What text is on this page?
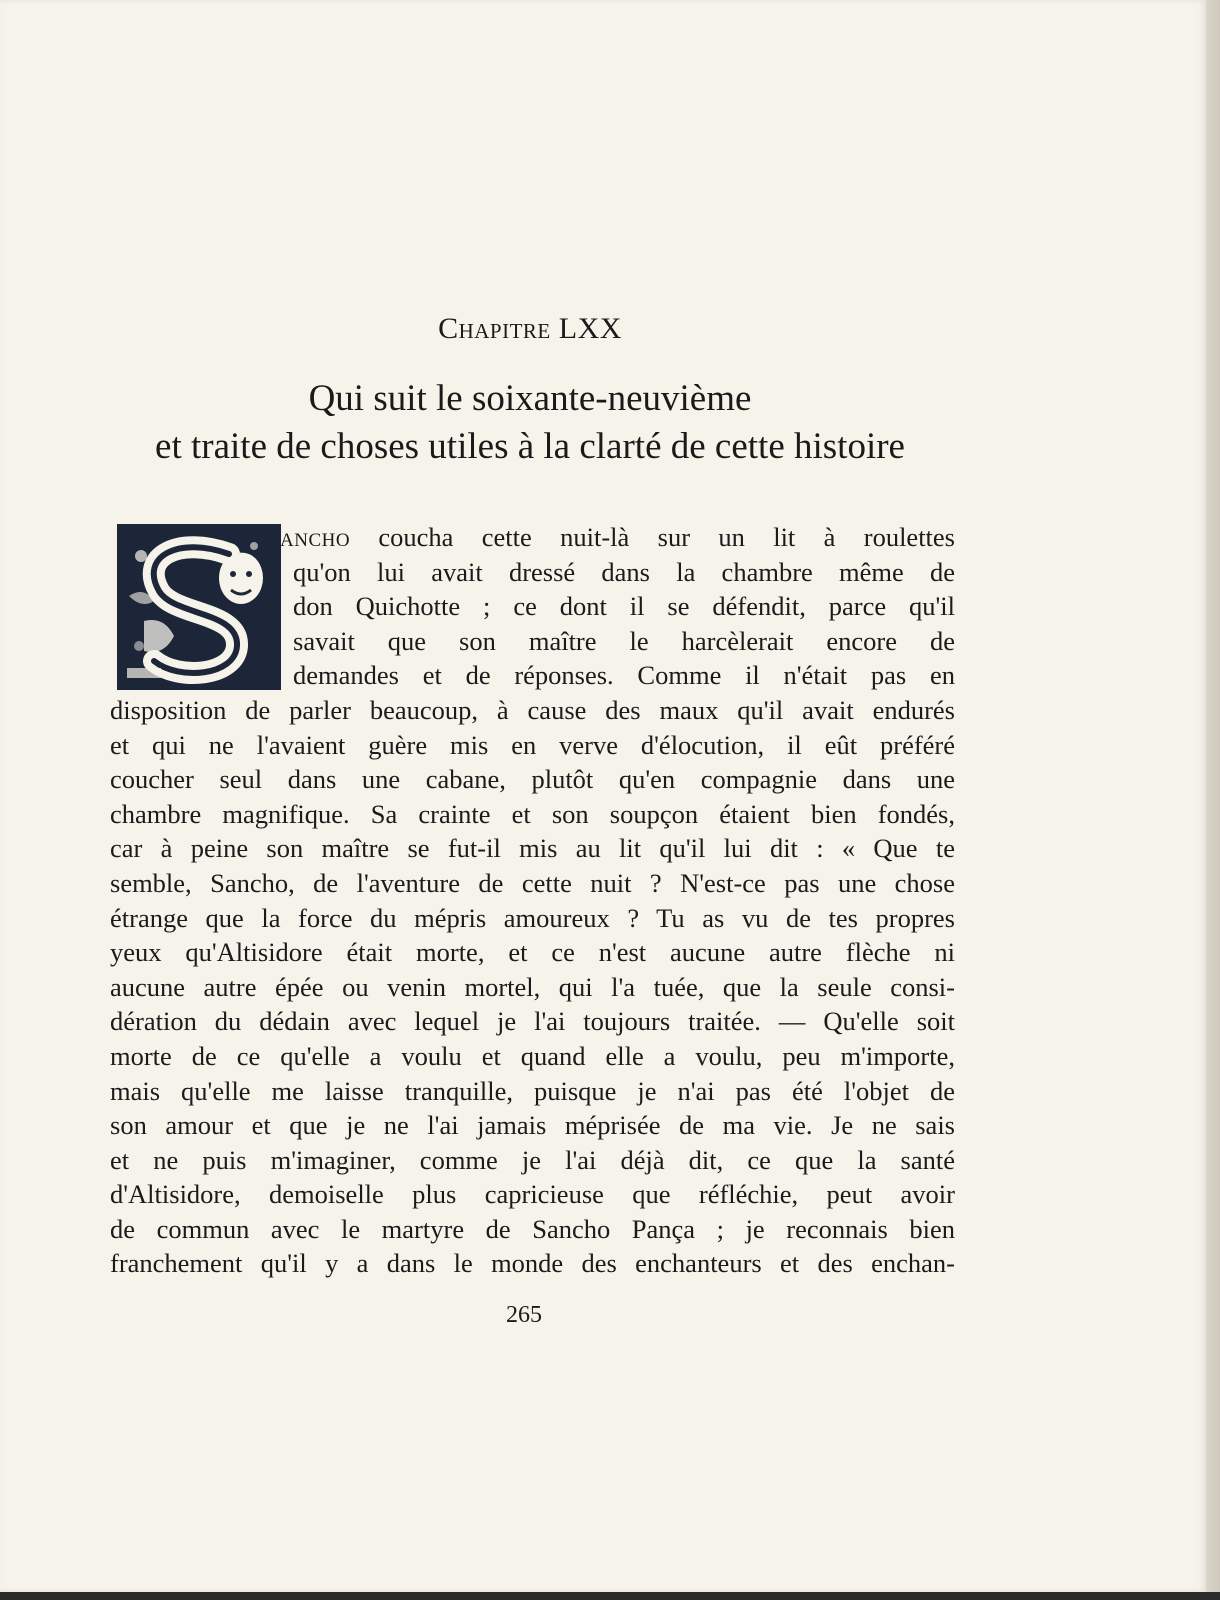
Chapitre LXX
Qui suit le soixante-neuvième
et traite de choses utiles à la clarté de cette histoire
ancho coucha cette nuit-là sur un lit à roulettes
qu'on lui avait dressé dans la chambre même de
don Quichotte ; ce dont il se défendit, parce qu'il
savait que son maître le harcèlerait encore de
demandes et de réponses. Comme il n'était pas en
disposition de parler beaucoup, à cause des maux qu'il avait endurés
et qui ne l'avaient guère mis en verve d'élocution, il eût préféré
coucher seul dans une cabane, plutôt qu'en compagnie dans une
chambre magnifique. Sa crainte et son soupçon étaient bien fondés,
car à peine son maître se fut-il mis au lit qu'il lui dit : « Que te
semble, Sancho, de l'aventure de cette nuit ? N'est-ce pas une chose
étrange que la force du mépris amoureux ? Tu as vu de tes propres
yeux qu'Altisidore était morte, et ce n'est aucune autre flèche ni
aucune autre épée ou venin mortel, qui l'a tuée, que la seule consi-
dération du dédain avec lequel je l'ai toujours traitée. — Qu'elle soit
morte de ce qu'elle a voulu et quand elle a voulu, peu m'importe,
mais qu'elle me laisse tranquille, puisque je n'ai pas été l'objet de
son amour et que je ne l'ai jamais méprisée de ma vie. Je ne sais
et ne puis m'imaginer, comme je l'ai déjà dit, ce que la santé
d'Altisidore, demoiselle plus capricieuse que réfléchie, peut avoir
de commun avec le martyre de Sancho Pança ; je reconnais bien
franchement qu'il y a dans le monde des enchanteurs et des enchan-
265
